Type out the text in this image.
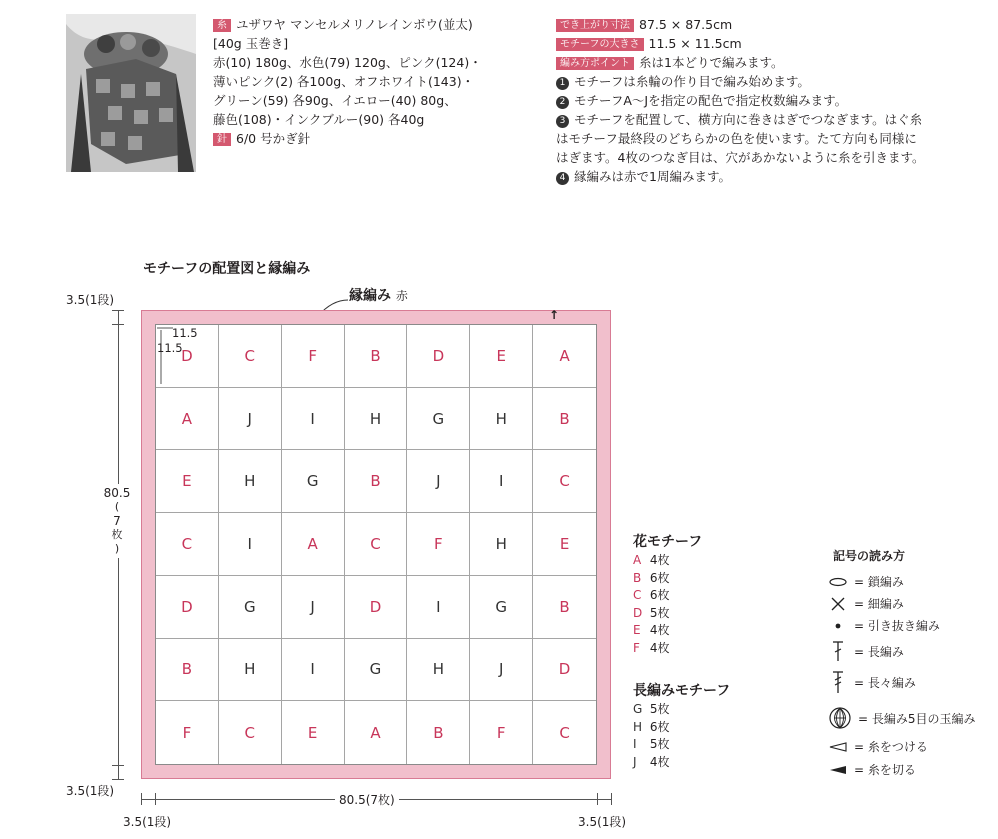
糸 ユザワヤ マンセルメリノレインボウ(並太)
[40g 玉巻き]
赤(10) 180g、水色(79) 120g、ピンク(124)・
薄いピンク(2) 各100g、オフホワイト(143)・
グリーン(59) 各90g、イエロー(40) 80g、
藤色(108)・インクブルー(90) 各40g
針 6/0 号かぎ針
でき上がり寸法 87.5 × 87.5cm
モチーフの大きさ 11.5 × 11.5cm
編み方ポイント 糸は1本どりで編みます。
1 モチーフは糸輪の作り目で編み始めます。
2 モチーフA～Jを指定の配色で指定枚数編みます。
3 モチーフを配置して、横方向に巻きはぎでつなぎます。はぐ糸
はモチーフ最終段のどちらかの色を使います。たて方向も同様に
はぎます。4枚のつなぎ目は、穴があかないように糸を引きます。
4 縁編みは赤で1周編みます。
モチーフの配置図と縁編み
縁編み 赤
D	C	F	B	D	E	A
A	J	I	H	G	H	B
E	H	G	B	J	I	C
C	I	A	C	F	H	E
D	G	J	D	I	G	B
B	H	I	G	H	J	D
F	C	E	A	B	F	C
↑
11.5
11.5
3.5(1段)
80.5
(
7
枚
)
3.5(1段)
80.5(7枚)
3.5(1段)	3.5(1段)
花モチーフ
A 4枚
B 6枚
C 6枚
D 5枚
E 4枚
F 4枚
長編みモチーフ
G 5枚
H 6枚
I 5枚
J 4枚
記号の読み方
= 鎖編み
= 細編み
= 引き抜き編み
= 長編み
= 長々編み
= 長編み5目の玉編み
= 糸をつける
= 糸を切る
